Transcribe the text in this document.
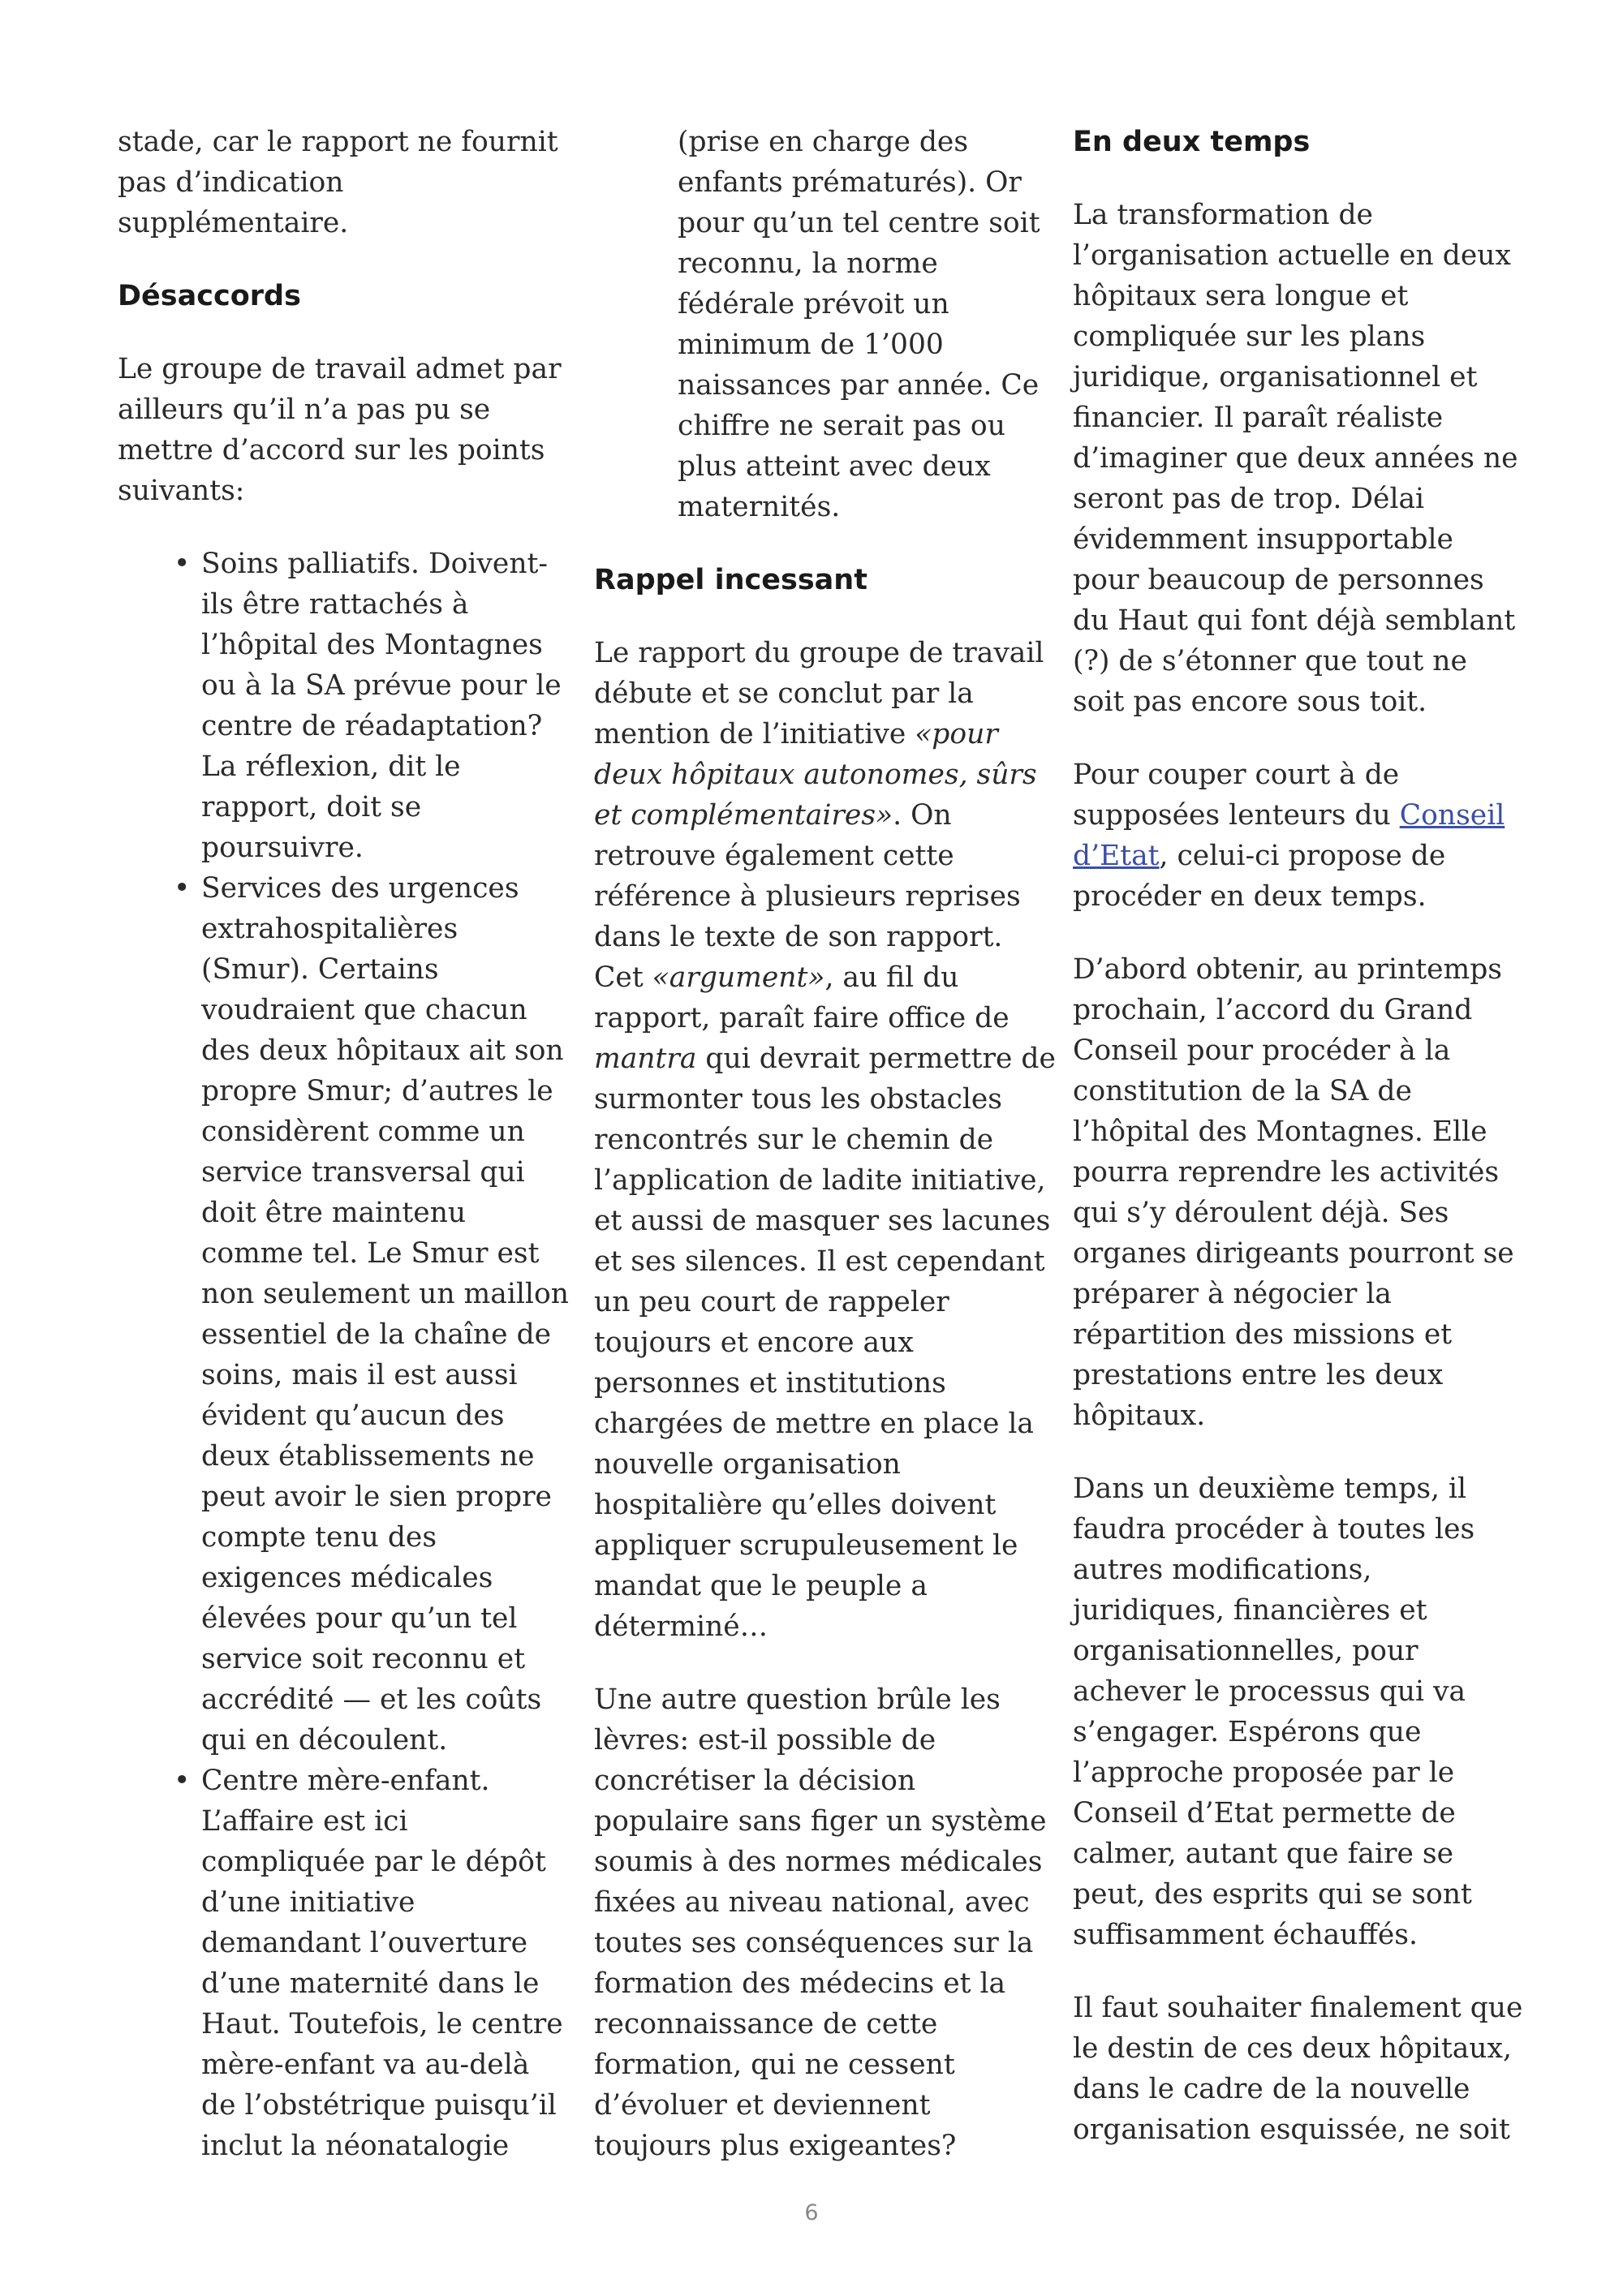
stade, car le rapport ne fournit pas d’indication supplémentaire.

Désaccords

Le groupe de travail admet par ailleurs qu’il n’a pas pu se mettre d’accord sur les points suivants:

• Soins palliatifs. Doivent-ils être rattachés à l’hôpital des Montagnes ou à la SA prévue pour le centre de réadaptation? La réflexion, dit le rapport, doit se poursuivre.
• Services des urgences extrahospitalières (Smur). Certains voudraient que chacun des deux hôpitaux ait son propre Smur; d’autres le considèrent comme un service transversal qui doit être maintenu comme tel. Le Smur est non seulement un maillon essentiel de la chaîne de soins, mais il est aussi évident qu’aucun des deux établissements ne peut avoir le sien propre compte tenu des exigences médicales élevées pour qu’un tel service soit reconnu et accrédité — et les coûts qui en découlent.
• Centre mère-enfant. L’affaire est ici compliquée par le dépôt d’une initiative demandant l’ouverture d’une maternité dans le Haut. Toutefois, le centre mère-enfant va au-delà de l’obstétrique puisqu’il inclut la néonatalogie

(prise en charge des enfants prématurés). Or pour qu’un tel centre soit reconnu, la norme fédérale prévoit un minimum de 1’000 naissances par année. Ce chiffre ne serait pas ou plus atteint avec deux maternités.

Rappel incessant

Le rapport du groupe de travail débute et se conclut par la mention de l’initiative «pour deux hôpitaux autonomes, sûrs et complémentaires». On retrouve également cette référence à plusieurs reprises dans le texte de son rapport. Cet «argument», au fil du rapport, paraît faire office de mantra qui devrait permettre de surmonter tous les obstacles rencontrés sur le chemin de l’application de ladite initiative, et aussi de masquer ses lacunes et ses silences. Il est cependant un peu court de rappeler toujours et encore aux personnes et institutions chargées de mettre en place la nouvelle organisation hospitalière qu’elles doivent appliquer scrupuleusement le mandat que le peuple a déterminé…

Une autre question brûle les lèvres: est-il possible de concrétiser la décision populaire sans figer un système soumis à des normes médicales fixées au niveau national, avec toutes ses conséquences sur la formation des médecins et la reconnaissance de cette formation, qui ne cessent d’évoluer et deviennent toujours plus exigeantes?

En deux temps

La transformation de l’organisation actuelle en deux hôpitaux sera longue et compliquée sur les plans juridique, organisationnel et financier. Il paraît réaliste d’imaginer que deux années ne seront pas de trop. Délai évidemment insupportable pour beaucoup de personnes du Haut qui font déjà semblant (?) de s’étonner que tout ne soit pas encore sous toit.

Pour couper court à de supposées lenteurs du Conseil d’Etat, celui-ci propose de procéder en deux temps.

D’abord obtenir, au printemps prochain, l’accord du Grand Conseil pour procéder à la constitution de la SA de l’hôpital des Montagnes. Elle pourra reprendre les activités qui s’y déroulent déjà. Ses organes dirigeants pourront se préparer à négocier la répartition des missions et prestations entre les deux hôpitaux.

Dans un deuxième temps, il faudra procéder à toutes les autres modifications, juridiques, financières et organisationnelles, pour achever le processus qui va s’engager. Espérons que l’approche proposée par le Conseil d’Etat permette de calmer, autant que faire se peut, des esprits qui se sont suffisamment échauffés.

Il faut souhaiter finalement que le destin de ces deux hôpitaux, dans le cadre de la nouvelle organisation esquissée, ne soit

6
